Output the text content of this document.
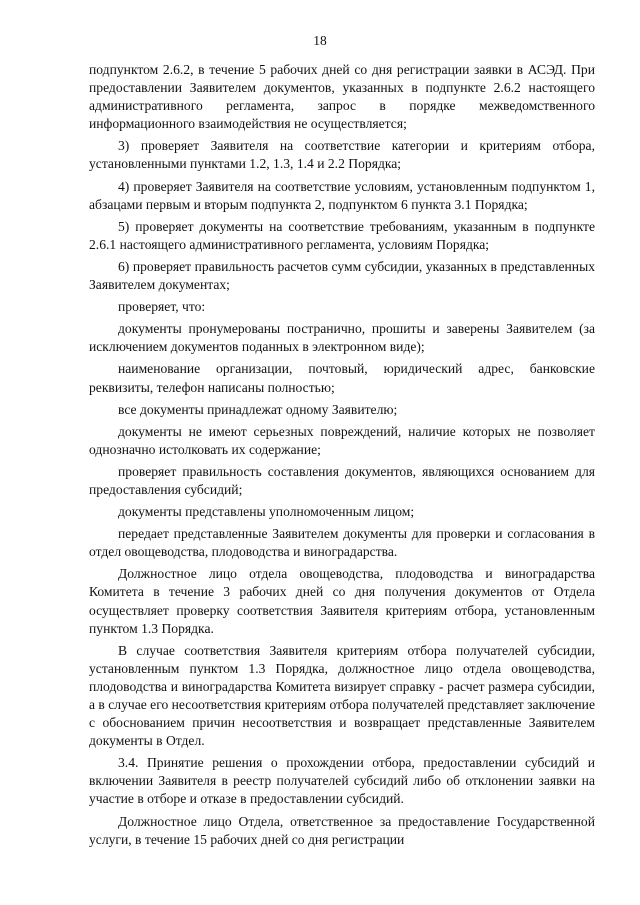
18

подпунктом 2.6.2, в течение 5 рабочих дней со дня регистрации заявки в АСЭД. При предоставлении Заявителем документов, указанных в подпункте 2.6.2 настоящего административного регламента, запрос в порядке межведомственного информационного взаимодействия не осуществляется;

3) проверяет Заявителя на соответствие категории и критериям отбора, установленными пунктами 1.2, 1.3, 1.4 и 2.2 Порядка;

4) проверяет Заявителя на соответствие условиям, установленным подпунктом 1, абзацами первым и вторым подпункта 2, подпунктом 6 пункта 3.1 Порядка;

5) проверяет документы на соответствие требованиям, указанным в подпункте 2.6.1 настоящего административного регламента, условиям Порядка;

6) проверяет правильность расчетов сумм субсидии, указанных в представленных Заявителем документах;

проверяет, что:

документы пронумерованы постранично, прошиты и заверены Заявителем (за исключением документов поданных в электронном виде);

наименование организации, почтовый, юридический адрес, банковские реквизиты, телефон написаны полностью;

все документы принадлежат одному Заявителю;

документы не имеют серьезных повреждений, наличие которых не позволяет однозначно истолковать их содержание;

проверяет правильность составления документов, являющихся основанием для предоставления субсидий;

документы представлены уполномоченным лицом;

передает представленные Заявителем документы для проверки и согласования в отдел овощеводства, плодоводства и виноградарства.

Должностное лицо отдела овощеводства, плодоводства и виноградарства Комитета в течение 3 рабочих дней со дня получения документов от Отдела осуществляет проверку соответствия Заявителя критериям отбора, установленным пунктом 1.3 Порядка.

В случае соответствия Заявителя критериям отбора получателей субсидии, установленным пунктом 1.3 Порядка, должностное лицо отдела овощеводства, плодоводства и виноградарства Комитета визирует справку - расчет размера субсидии, а в случае его несоответствия критериям отбора получателей представляет заключение с обоснованием причин несоответствия и возвращает представленные Заявителем документы в Отдел.

3.4. Принятие решения о прохождении отбора, предоставлении субсидий и включении Заявителя в реестр получателей субсидий либо об отклонении заявки на участие в отборе и отказе в предоставлении субсидий.

Должностное лицо Отдела, ответственное за предоставление Государственной услуги, в течение 15 рабочих дней со дня регистрации
